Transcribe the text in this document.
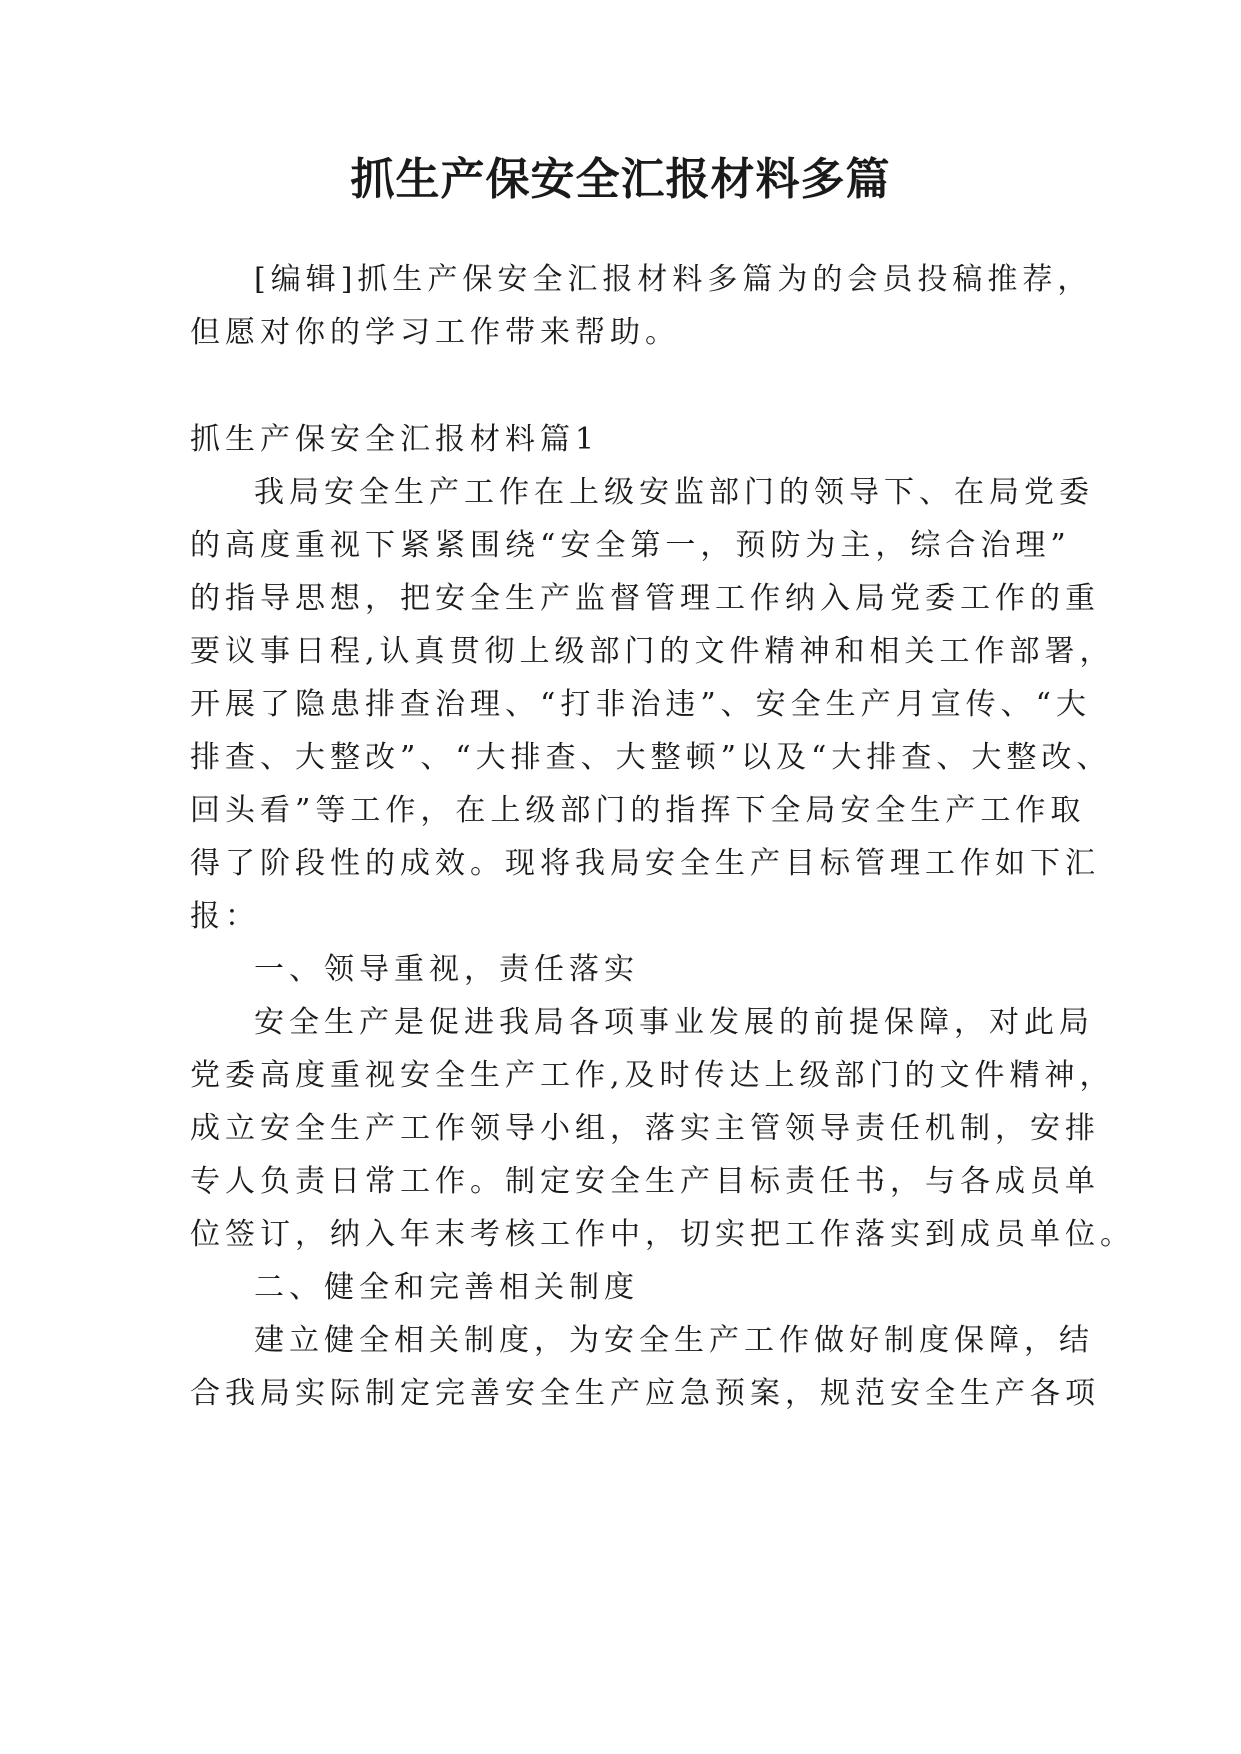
抓生产保安全汇报材料多篇

[编辑]抓生产保安全汇报材料多篇为的会员投稿推荐，

但愿对你的学习工作带来帮助。

抓生产保安全汇报材料篇1

我局安全生产工作在上级安监部门的领导下、在局党委

的高度重视下紧紧围绕“安全第一，预防为主，综合治理”

的指导思想，把安全生产监督管理工作纳入局党委工作的重

要议事日程,认真贯彻上级部门的文件精神和相关工作部署，

开展了隐患排查治理、“打非治违”、安全生产月宣传、“大

排查、大整改”、“大排查、大整顿”以及“大排查、大整改、

回头看”等工作，在上级部门的指挥下全局安全生产工作取

得了阶段性的成效。现将我局安全生产目标管理工作如下汇

报：

一、领导重视，责任落实

安全生产是促进我局各项事业发展的前提保障，对此局

党委高度重视安全生产工作,及时传达上级部门的文件精神，

成立安全生产工作领导小组，落实主管领导责任机制，安排

专人负责日常工作。制定安全生产目标责任书，与各成员单

位签订，纳入年末考核工作中，切实把工作落实到成员单位。

二、健全和完善相关制度

建立健全相关制度，为安全生产工作做好制度保障，结

合我局实际制定完善安全生产应急预案，规范安全生产各项
